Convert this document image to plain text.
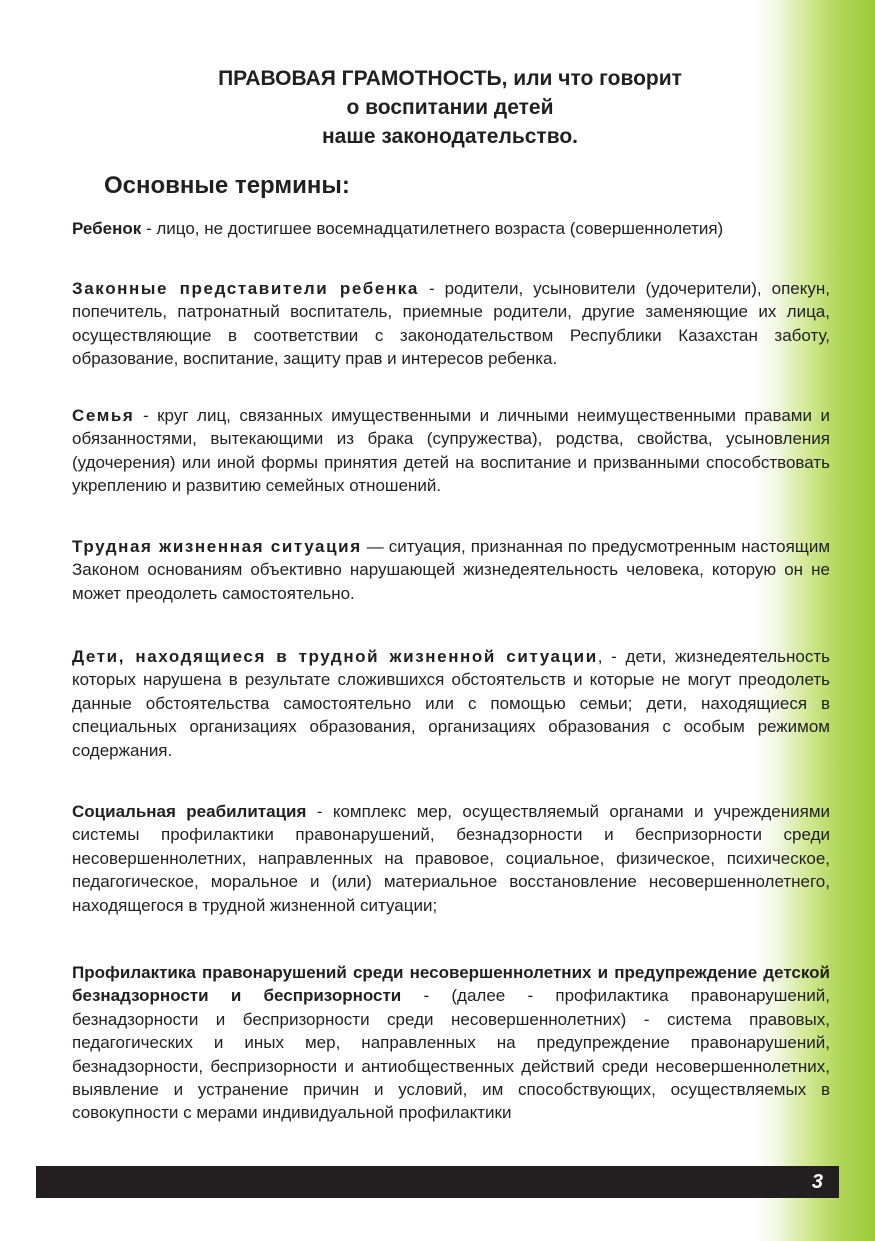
ПРАВОВАЯ ГРАМОТНОСТЬ, или что говорит
о воспитании детей
наше законодательство.
Основные термины:

Ребенок - лицо, не достигшее восемнадцатилетнего возраста (совершеннолетия)

Законные представители ребенка - родители, усыновители (удочерители), опекун, попечитель, патронатный воспитатель, приемные родители, другие заменяющие их лица, осуществляющие в соответствии с законодательством Республики Казахстан заботу, образование, воспитание, защиту прав и интересов ребенка.

Семья - круг лиц, связанных имущественными и личными неимущественными правами и обязанностями, вытекающими из брака (супружества), родства, свойства, усыновления (удочерения) или иной формы принятия детей на воспитание и призванными способствовать укреплению и развитию семейных отношений.

Трудная жизненная ситуация — ситуация, признанная по предусмотренным настоящим Законом основаниям объективно нарушающей жизнедеятельность человека, которую он не может преодолеть самостоятельно.

Дети, находящиеся в трудной жизненной ситуации, - дети, жизнедеятельность которых нарушена в результате сложившихся обстоятельств и которые не могут преодолеть данные обстоятельства самостоятельно или с помощью семьи; дети, находящиеся в специальных организациях образования, организациях образования с особым режимом содержания.

Социальная реабилитация - комплекс мер, осуществляемый органами и учреждениями системы профилактики правонарушений, безнадзорности и беспризорности среди несовершеннолетних, направленных на правовое, социальное, физическое, психическое, педагогическое, моральное и (или) материальное восстановление несовершеннолетнего, находящегося в трудной жизненной ситуации;

Профилактика правонарушений среди несовершеннолетних и предупреждение детской безнадзорности и беспризорности - (далее - профилактика правонарушений, безнадзорности и беспризорности среди несовершеннолетних) - система правовых, педагогических и иных мер, направленных на предупреждение правонарушений, безнадзорности, беспризорности и антиобщественных действий среди несовершеннолетних, выявление и устранение причин и условий, им способствующих, осуществляемых в совокупности с мерами индивидуальной профилактики

3
